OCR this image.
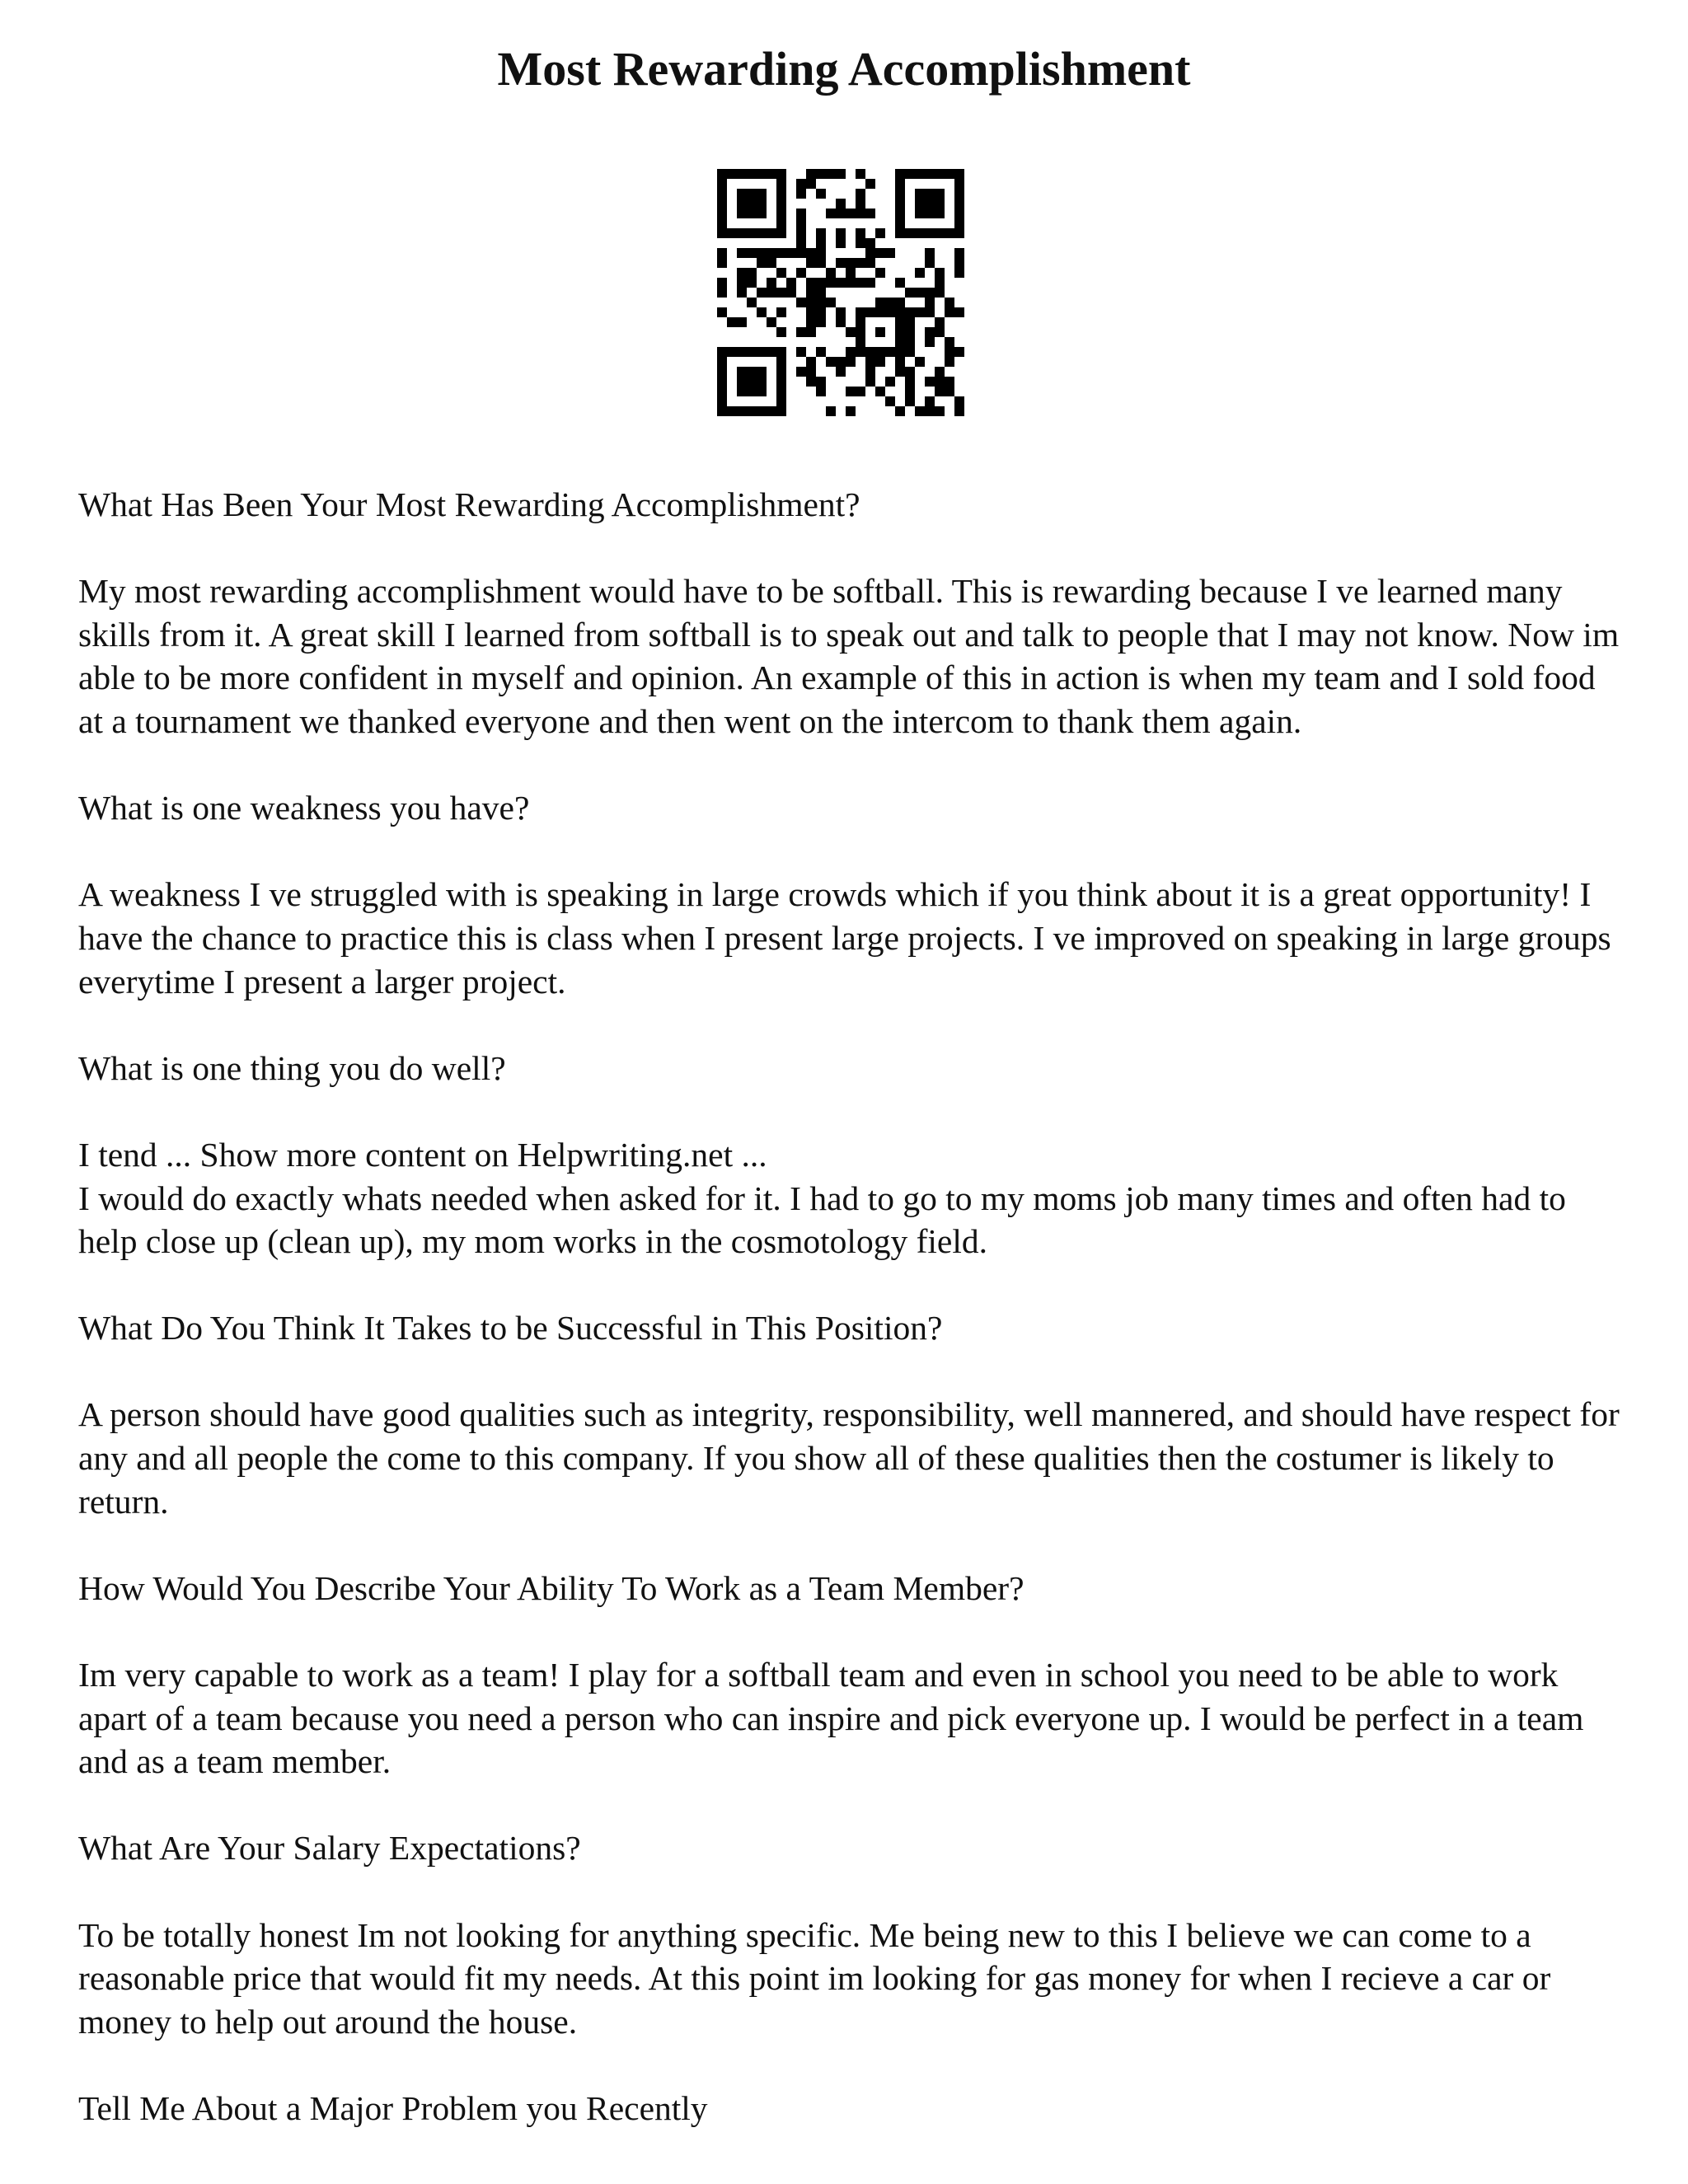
Most Rewarding Accomplishment

What Has Been Your Most Rewarding Accomplishment?

My most rewarding accomplishment would have to be softball. This is rewarding because I ve learned many skills from it. A great skill I learned from softball is to speak out and talk to people that I may not know. Now im able to be more confident in myself and opinion. An example of this in action is when my team and I sold food at a tournament we thanked everyone and then went on the intercom to thank them again.

What is one weakness you have?

A weakness I ve struggled with is speaking in large crowds which if you think about it is a great opportunity! I have the chance to practice this is class when I present large projects. I ve improved on speaking in large groups everytime I present a larger project.

What is one thing you do well?

I tend ... Show more content on Helpwriting.net ...

I would do exactly whats needed when asked for it. I had to go to my moms job many times and often had to help close up (clean up), my mom works in the cosmotology field.

What Do You Think It Takes to be Successful in This Position?

A person should have good qualities such as integrity, responsibility, well mannered, and should have respect for any and all people the come to this company. If you show all of these qualities then the costumer is likely to return.

How Would You Describe Your Ability To Work as a Team Member?

Im very capable to work as a team! I play for a softball team and even in school you need to be able to work apart of a team because you need a person who can inspire and pick everyone up. I would be perfect in a team and as a team member.

What Are Your Salary Expectations?

To be totally honest Im not looking for anything specific. Me being new to this I believe we can come to a reasonable price that would fit my needs. At this point im looking for gas money for when I recieve a car or money to help out around the house.

Tell Me About a Major Problem you Recently
